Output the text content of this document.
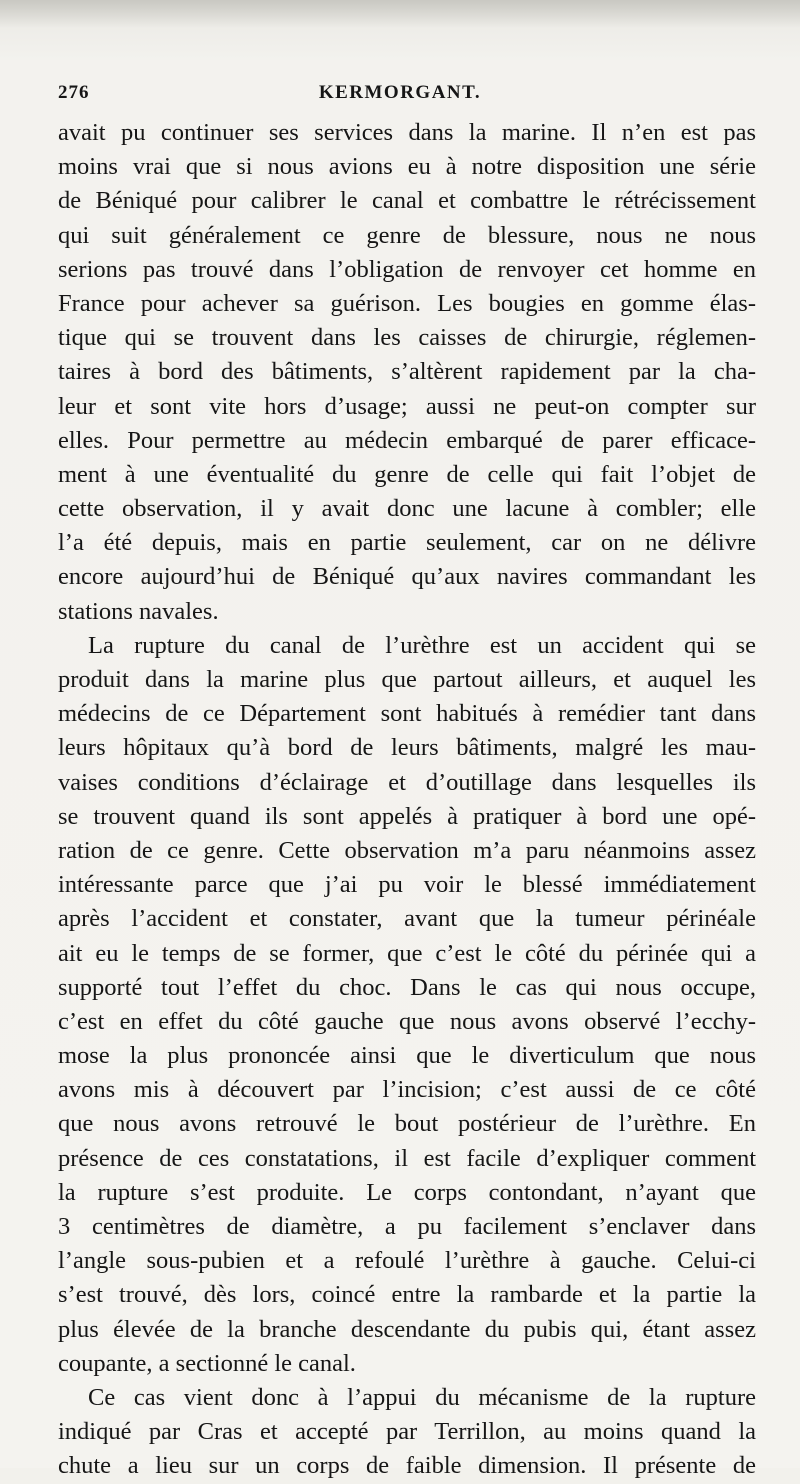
276	KERMORGANT.
avait pu continuer ses services dans la marine. Il n’en est pas
moins vrai que si nous avions eu à notre disposition une série
de Béniqué pour calibrer le canal et combattre le rétrécissement
qui suit généralement ce genre de blessure, nous ne nous
serions pas trouvé dans l’obligation de renvoyer cet homme en
France pour achever sa guérison. Les bougies en gomme élas-
tique qui se trouvent dans les caisses de chirurgie, réglemen-
taires à bord des bâtiments, s’altèrent rapidement par la cha-
leur et sont vite hors d’usage; aussi ne peut-on compter sur
elles. Pour permettre au médecin embarqué de parer efficace-
ment à une éventualité du genre de celle qui fait l’objet de
cette observation, il y avait donc une lacune à combler; elle
l’a été depuis, mais en partie seulement, car on ne délivre
encore aujourd’hui de Béniqué qu’aux navires commandant les
stations navales.
La rupture du canal de l’urèthre est un accident qui se
produit dans la marine plus que partout ailleurs, et auquel les
médecins de ce Département sont habitués à remédier tant dans
leurs hôpitaux qu’à bord de leurs bâtiments, malgré les mau-
vaises conditions d’éclairage et d’outillage dans lesquelles ils
se trouvent quand ils sont appelés à pratiquer à bord une opé-
ration de ce genre. Cette observation m’a paru néanmoins assez
intéressante parce que j’ai pu voir le blessé immédiatement
après l’accident et constater, avant que la tumeur périnéale
ait eu le temps de se former, que c’est le côté du périnée qui a
supporté tout l’effet du choc. Dans le cas qui nous occupe,
c’est en effet du côté gauche que nous avons observé l’ecchy-
mose la plus prononcée ainsi que le diverticulum que nous
avons mis à découvert par l’incision; c’est aussi de ce côté
que nous avons retrouvé le bout postérieur de l’urèthre. En
présence de ces constatations, il est facile d’expliquer comment
la rupture s’est produite. Le corps contondant, n’ayant que
3 centimètres de diamètre, a pu facilement s’enclaver dans
l’angle sous-pubien et a refoulé l’urèthre à gauche. Celui-ci
s’est trouvé, dès lors, coincé entre la rambarde et la partie la
plus élevée de la branche descendante du pubis qui, étant assez
coupante, a sectionné le canal.
Ce cas vient donc à l’appui du mécanisme de la rupture
indiqué par Cras et accepté par Terrillon, au moins quand la
chute a lieu sur un corps de faible dimension. Il présente de
